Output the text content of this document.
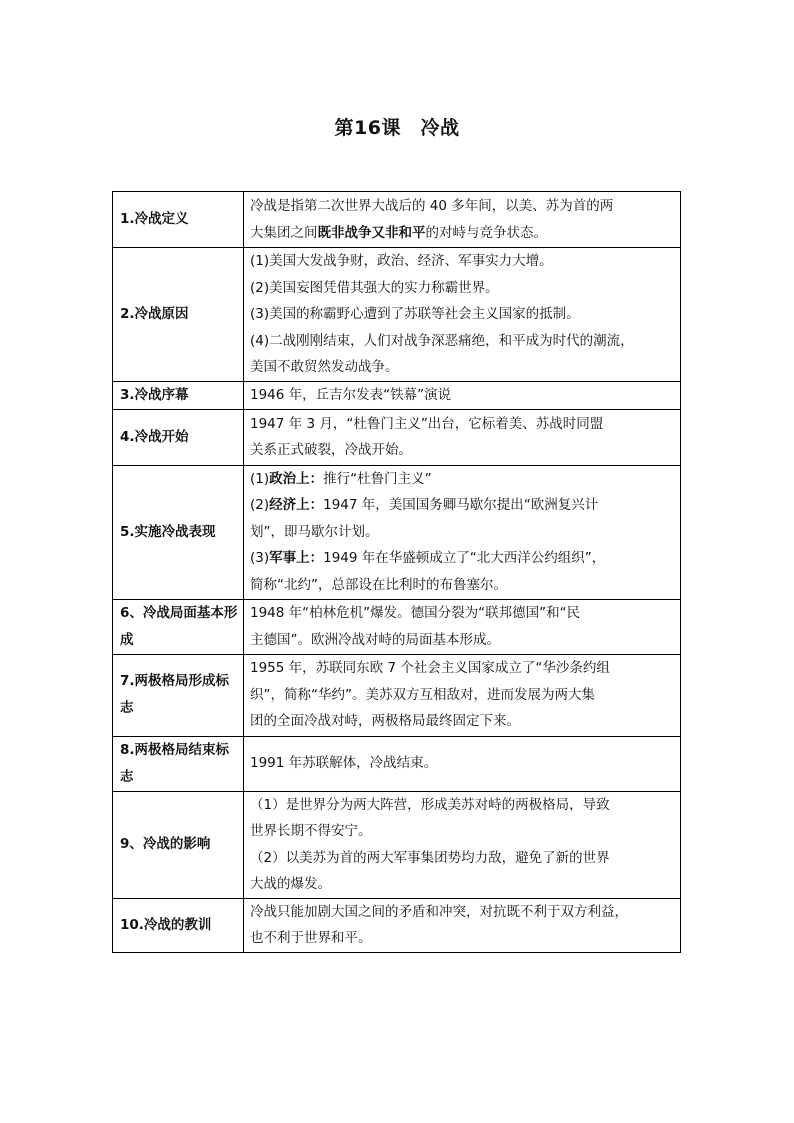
第16课　冷战
1.冷战定义	冷战是指第二次世界大战后的 40 多年间，以美、苏为首的两
大集团之间既非战争又非和平的对峙与竞争状态。

2.冷战原因	(1)美国大发战争财，政治、经济、军事实力大增。
(2)美国妄图凭借其强大的实力称霸世界。
(3)美国的称霸野心遭到了苏联等社会主义国家的抵制。
(4)二战刚刚结束，人们对战争深恶痛绝，和平成为时代的潮流，
美国不敢贸然发动战争。

3.冷战序幕	1946 年，丘吉尔发表“铁幕”演说

4.冷战开始	1947 年 3 月，“杜鲁门主义”出台，它标着美、苏战时同盟
关系正式破裂，冷战开始。

5.实施冷战表现	(1)政治上：推行“杜鲁门主义”
(2)经济上：1947 年，美国国务卿马歇尔提出“欧洲复兴计
划”，即马歇尔计划。
(3)军事上：1949 年在华盛顿成立了“北大西洋公约组织”，
简称“北约”，总部设在比利时的布鲁塞尔。

6、冷战局面基本形成	1948 年“柏林危机”爆发。德国分裂为“联邦德国”和“民
主德国”。欧洲冷战对峙的局面基本形成。

7.两极格局形成标志	1955 年，苏联同东欧 7 个社会主义国家成立了“华沙条约组
织”，简称“华约”。美苏双方互相敌对，进而发展为两大集
团的全面冷战对峙，两极格局最终固定下来。

8.两极格局结束标志	1991 年苏联解体，冷战结束。

9、冷战的影响	（1）是世界分为两大阵营，形成美苏对峙的两极格局，导致
世界长期不得安宁。
（2）以美苏为首的两大军事集团势均力敌，避免了新的世界
大战的爆发。

10.冷战的教训	冷战只能加剧大国之间的矛盾和冲突，对抗既不利于双方利益，
也不利于世界和平。
